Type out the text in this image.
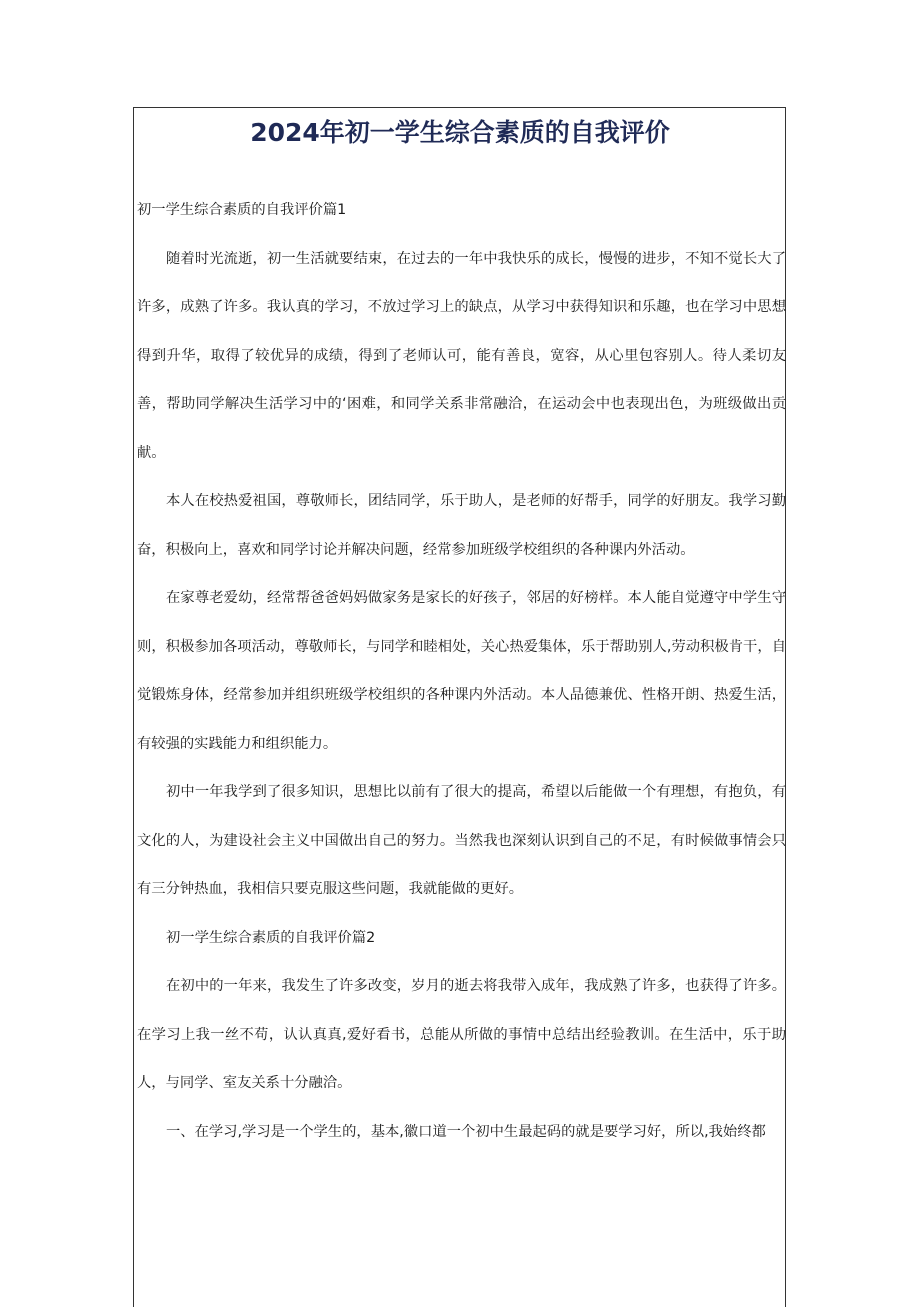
2024年初一学生综合素质的自我评价

初一学生综合素质的自我评价篇1

随着时光流逝，初一生活就要结束，在过去的一年中我快乐的成长，慢慢的进步，不知不觉长大了许多，成熟了许多。我认真的学习，不放过学习上的缺点，从学习中获得知识和乐趣，也在学习中思想得到升华，取得了较优异的成绩，得到了老师认可，能有善良，宽容，从心里包容别人。待人柔切友善，帮助同学解决生活学习中的‘困难，和同学关系非常融洽，在运动会中也表现出色，为班级做出贡献。

本人在校热爱祖国，尊敬师长，团结同学，乐于助人，是老师的好帮手，同学的好朋友。我学习勤奋，积极向上，喜欢和同学讨论并解决问题，经常参加班级学校组织的各种课内外活动。

在家尊老爱幼，经常帮爸爸妈妈做家务是家长的好孩子，邻居的好榜样。本人能自觉遵守中学生守则，积极参加各项活动，尊敬师长，与同学和睦相处，关心热爱集体，乐于帮助别人,劳动积极肯干，自觉锻炼身体，经常参加并组织班级学校组织的各种课内外活动。本人品德兼优、性格开朗、热爱生活，有较强的实践能力和组织能力。

初中一年我学到了很多知识，思想比以前有了很大的提高，希望以后能做一个有理想，有抱负，有文化的人，为建设社会主义中国做出自己的努力。当然我也深刻认识到自己的不足，有时候做事情会只有三分钟热血，我相信只要克服这些问题，我就能做的更好。

初一学生综合素质的自我评价篇2

在初中的一年来，我发生了许多改变，岁月的逝去将我带入成年，我成熟了许多，也获得了许多。在学习上我一丝不苟，认认真真,爱好看书，总能从所做的事情中总结出经验教训。在生活中，乐于助人，与同学、室友关系十分融洽。

一、在学习,学习是一个学生的，基本,徽口道一个初中生最起码的就是要学习好，所以,我始终都
